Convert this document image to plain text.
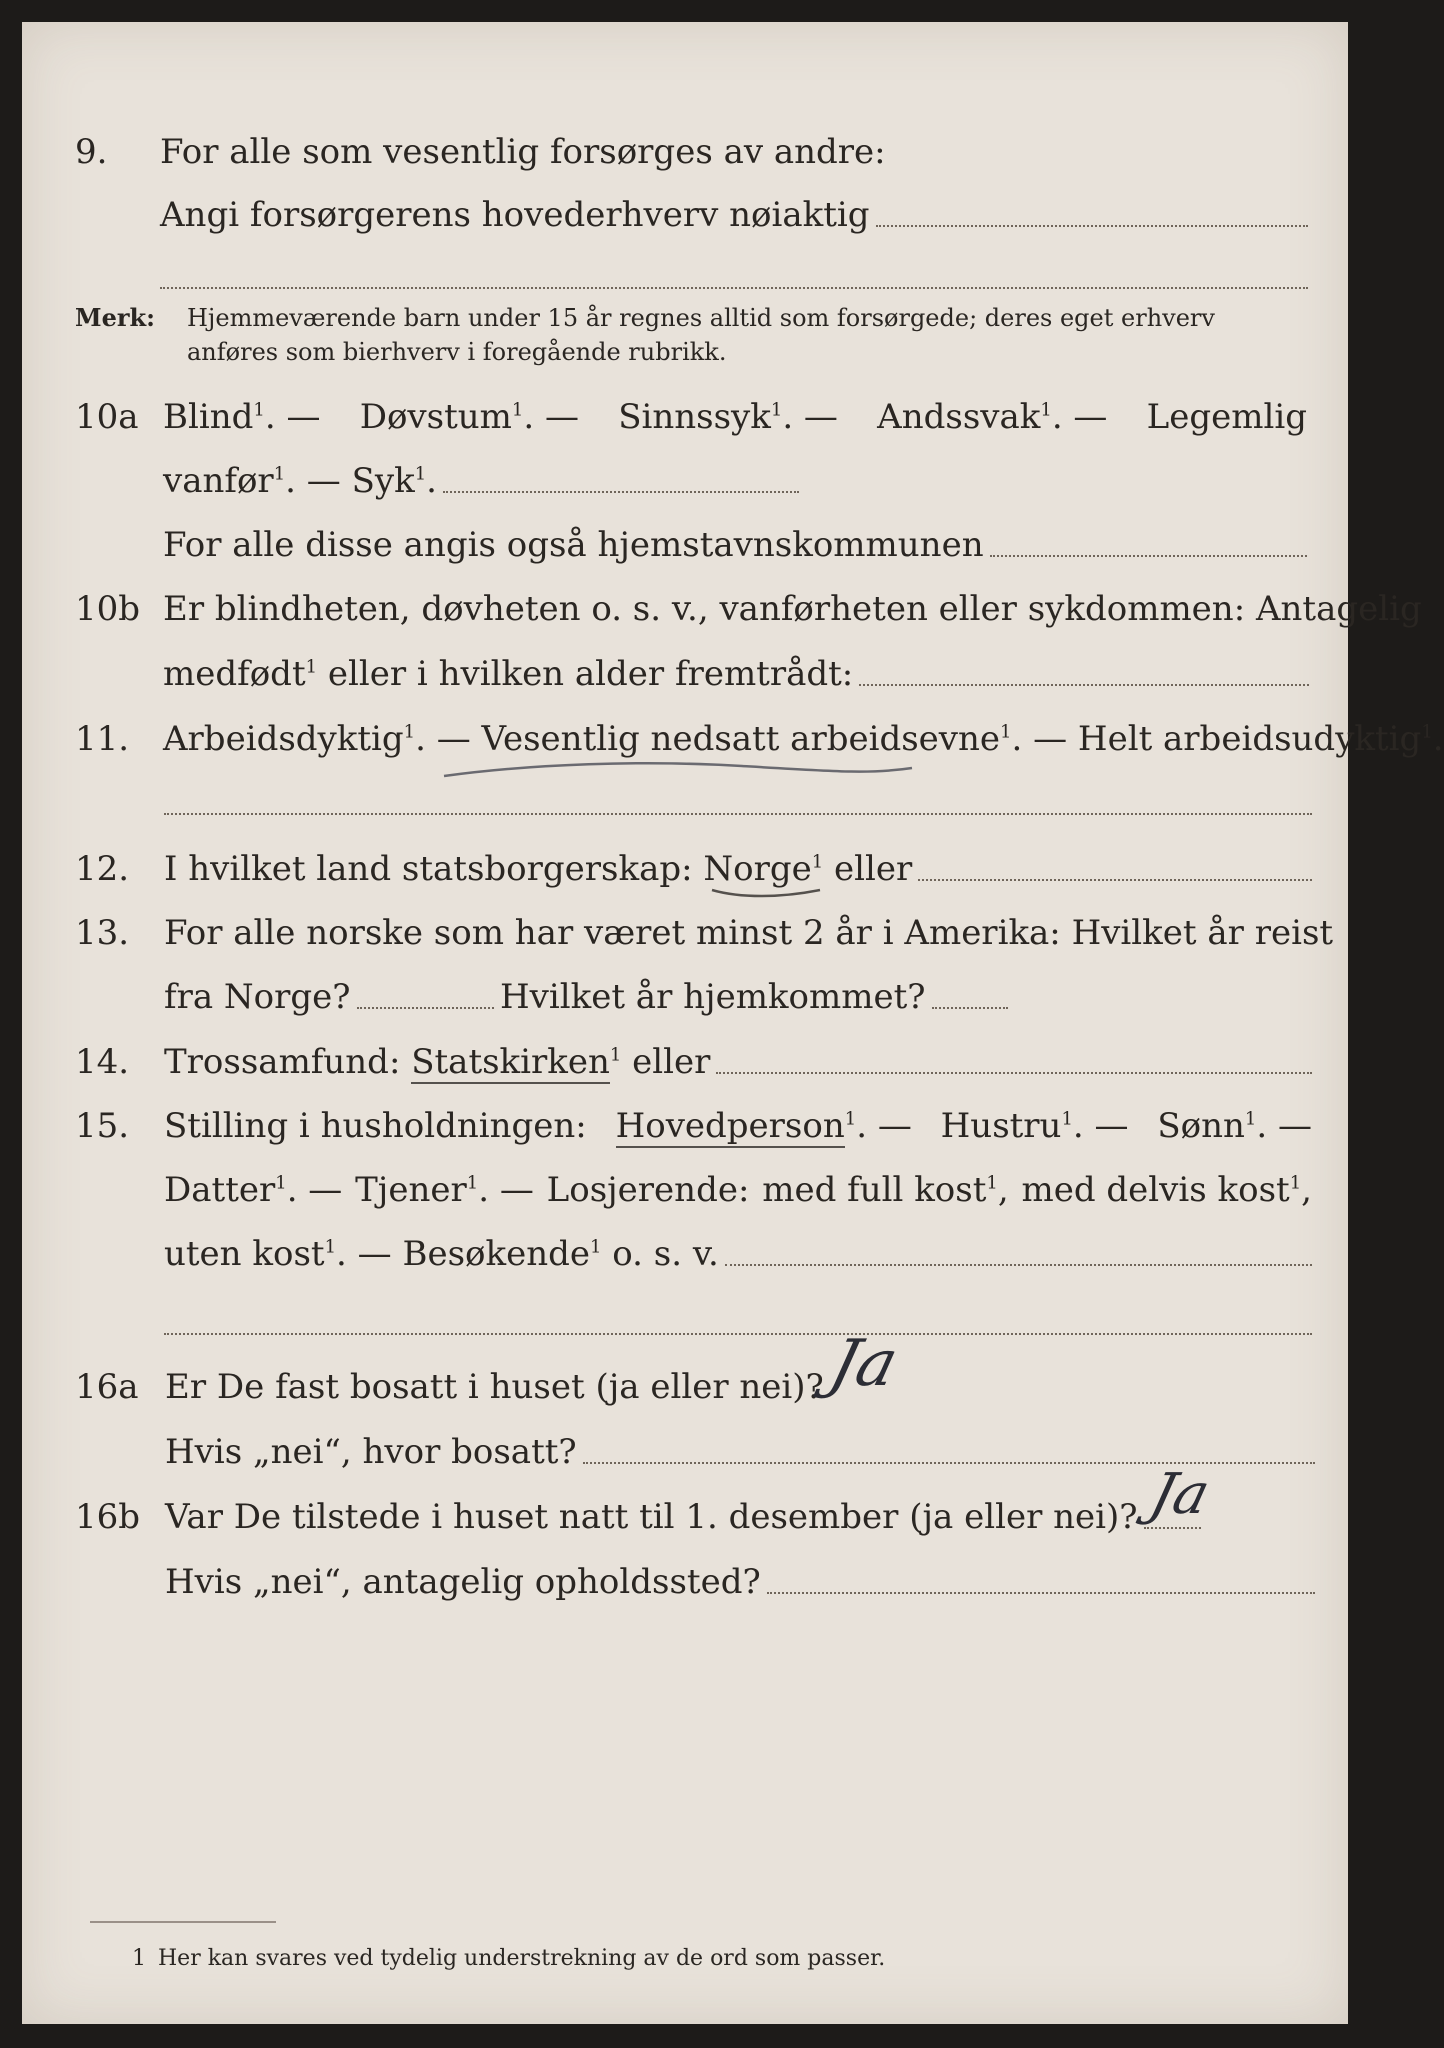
9. For alle som vesentlig forsørges av andre:
Angi forsørgerens hovederhverv nøiaktig
Merk: Hjemmeværende barn under 15 år regnes alltid som forsørgede; deres eget erhverv
anføres som bierhverv i foregående rubrikk.
10a Blind$^1$. — Døvstum$^1$. — Sinnssyk$^1$. — Andssvak$^1$. — Legemlig
vanfør$^1$. — Syk$^1$.
For alle disse angis også hjemstavnskommunen
10b Er blindheten, døvheten o. s. v., vanførheten eller sykdommen: Antagelig
medfødt$^1$ eller i hvilken alder fremtrådt:
11. Arbeidsdyktig$^1$. — Vesentlig nedsatt arbeidsevne$^1$. — Helt arbeidsudyktig$^1$.
12. I hvilket land statsborgerskap: Norge$^1$ eller
13. For alle norske som har været minst 2 år i Amerika: Hvilket år reist
fra Norge?	Hvilket år hjemkommet?
14. Trossamfund: Statskirken$^1$ eller
15. Stilling i husholdningen: Hovedperson$^1$. — Hustru$^1$. — Sønn$^1$. —
Datter$^1$. — Tjener$^1$. — Losjerende: med full kost$^1$, med delvis kost$^1$,
uten kost$^1$. — Besøkende$^1$ o. s. v.
16a Er De fast bosatt i huset (ja eller nei)?
Ja
Hvis „nei“, hvor bosatt?
16b Var De tilstede i huset natt til 1. desember (ja eller nei)? Ja
Hvis „nei“, antagelig opholdssted?
1 Her kan svares ved tydelig understrekning av de ord som passer.
